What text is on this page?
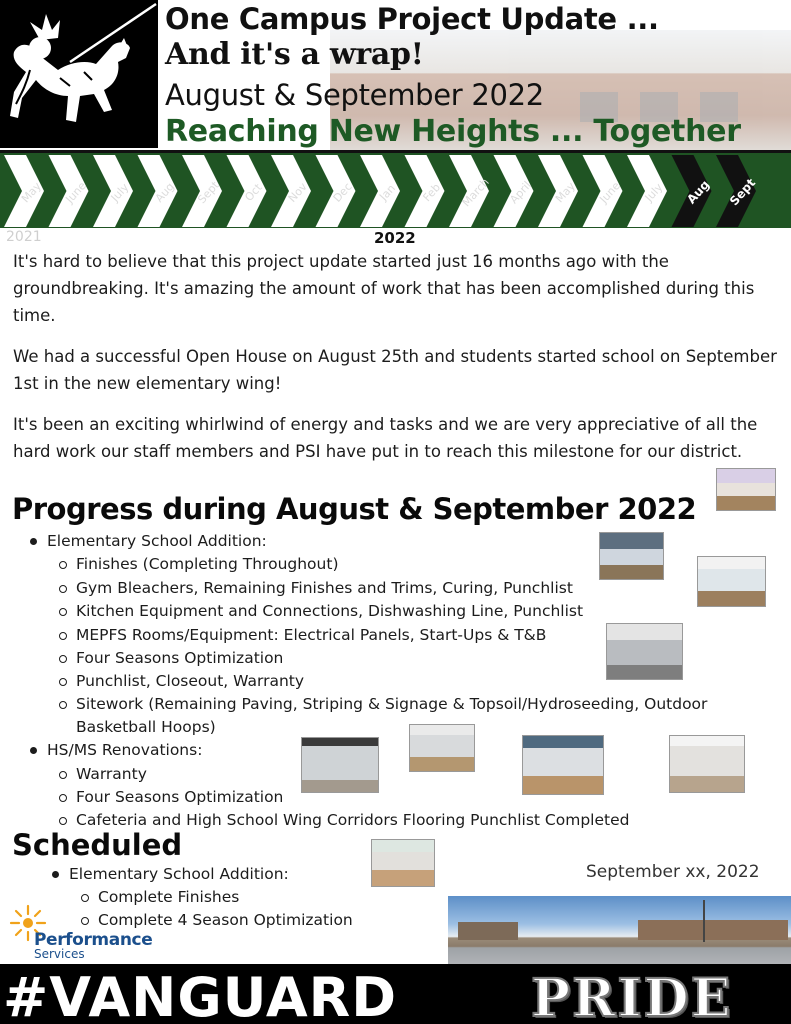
One Campus Project Update ...
And it's a wrap!
August & September 2022
Reaching New Heights ... Together
May June July Aug Sept Oct Nov Dec Jan Feb March April May June July Aug Sept
2021	2022

It's hard to believe that this project update started just 16 months ago with the groundbreaking. It's amazing the amount of work that has been accomplished during this time.

We had a successful Open House on August 25th and students started school on September 1st in the new elementary wing!

It's been an exciting whirlwind of energy and tasks and we are very appreciative of all the hard work our staff members and PSI have put in to reach this milestone for our district.

Progress during August & September 2022
Elementary School Addition:
Finishes (Completing Throughout)
Gym Bleachers, Remaining Finishes and Trims, Curing, Punchlist
Kitchen Equipment and Connections, Dishwashing Line, Punchlist
MEPFS Rooms/Equipment: Electrical Panels, Start-Ups & T&B
Four Seasons Optimization
Punchlist, Closeout, Warranty
Sitework (Remaining Paving, Striping & Signage & Topsoil/Hydroseeding, Outdoor
Basketball Hoops)
HS/MS Renovations:
Warranty
Four Seasons Optimization
Cafeteria and High School Wing Corridors Flooring Punchlist Completed
Scheduled
Elementary School Addition:
Complete Finishes
Complete 4 Season Optimization
September xx, 2022
Performance
Services
#VANGUARD	PRIDE
